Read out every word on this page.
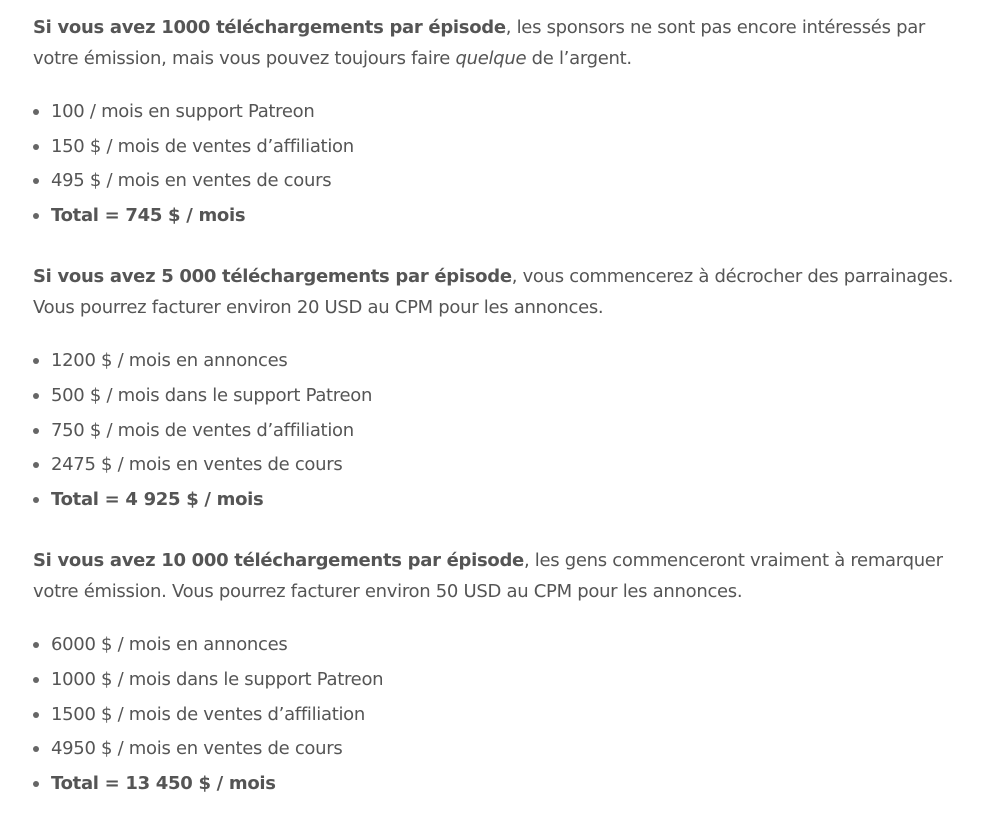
Si vous avez 1000 téléchargements par épisode, les sponsors ne sont pas encore intéressés par votre émission, mais vous pouvez toujours faire quelque de l’argent.

100 / mois en support Patreon
150 $ / mois de ventes d’affiliation
495 $ / mois en ventes de cours
Total = 745 $ / mois

Si vous avez 5 000 téléchargements par épisode, vous commencerez à décrocher des parrainages. Vous pourrez facturer environ 20 USD au CPM pour les annonces.

1200 $ / mois en annonces
500 $ / mois dans le support Patreon
750 $ / mois de ventes d’affiliation
2475 $ / mois en ventes de cours
Total = 4 925 $ / mois

Si vous avez 10 000 téléchargements par épisode, les gens commenceront vraiment à remarquer votre émission. Vous pourrez facturer environ 50 USD au CPM pour les annonces.

6000 $ / mois en annonces
1000 $ / mois dans le support Patreon
1500 $ / mois de ventes d’affiliation
4950 $ / mois en ventes de cours
Total = 13 450 $ / mois
